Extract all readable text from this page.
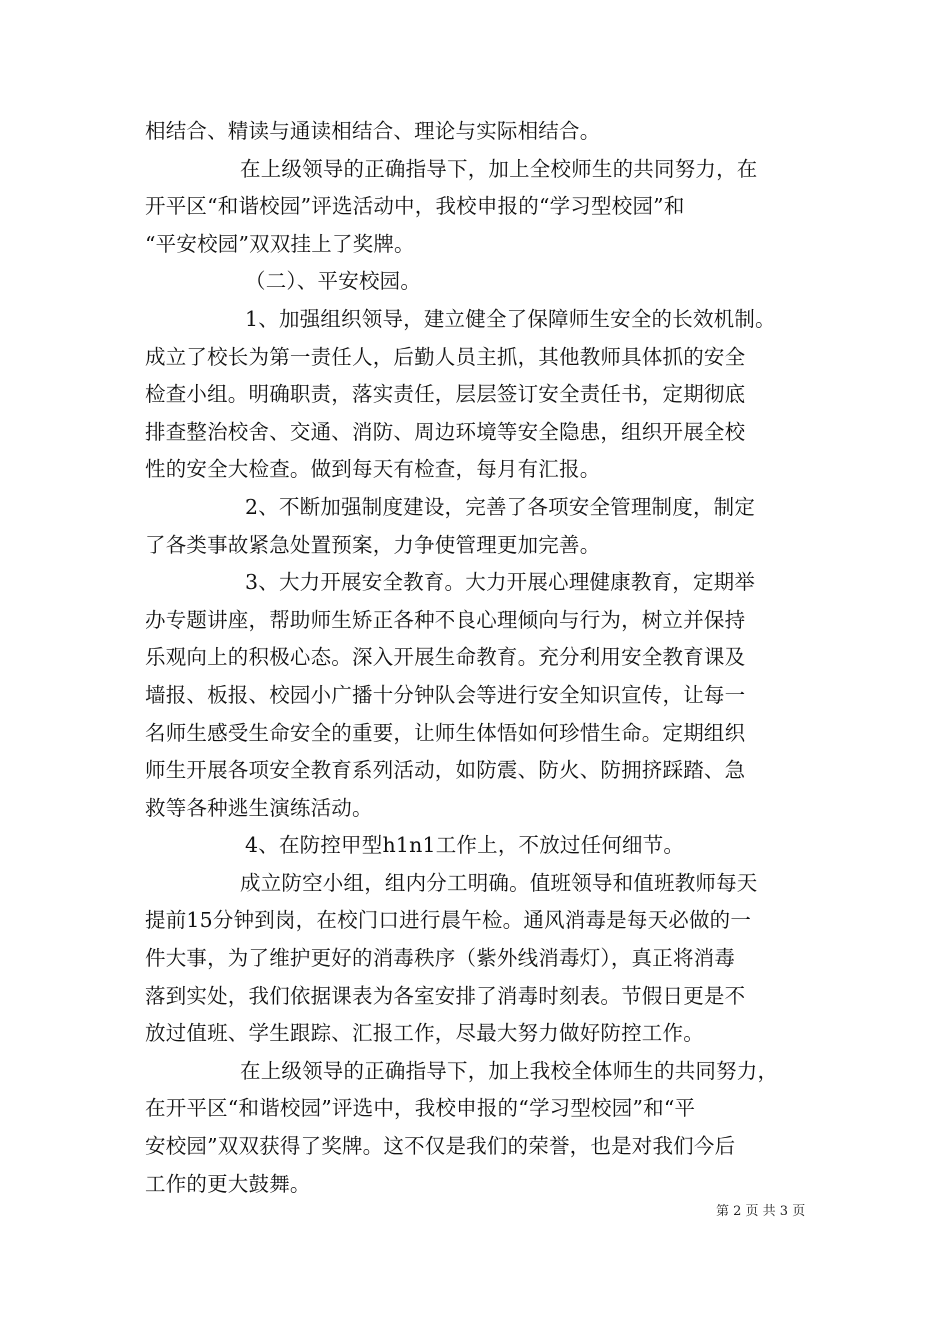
相结合、精读与通读相结合、理论与实际相结合。
在上级领导的正确指导下，加上全校师生的共同努力，在
开平区“和谐校园”评选活动中，我校申报的“学习型校园”和
“平安校园”双双挂上了奖牌。
（二）、平安校园。
1、加强组织领导，建立健全了保障师生安全的长效机制。
成立了校长为第一责任人，后勤人员主抓，其他教师具体抓的安全
检查小组。明确职责，落实责任，层层签订安全责任书，定期彻底
排查整治校舍、交通、消防、周边环境等安全隐患，组织开展全校
性的安全大检查。做到每天有检查，每月有汇报。
2、不断加强制度建设，完善了各项安全管理制度，制定
了各类事故紧急处置预案，力争使管理更加完善。
3、大力开展安全教育。大力开展心理健康教育，定期举
办专题讲座，帮助师生矫正各种不良心理倾向与行为，树立并保持
乐观向上的积极心态。深入开展生命教育。充分利用安全教育课及
墙报、板报、校园小广播十分钟队会等进行安全知识宣传，让每一
名师生感受生命安全的重要，让师生体悟如何珍惜生命。定期组织
师生开展各项安全教育系列活动，如防震、防火、防拥挤踩踏、急
救等各种逃生演练活动。
4、在防控甲型h1n1工作上，不放过任何细节。
成立防空小组，组内分工明确。值班领导和值班教师每天
提前15分钟到岗，在校门口进行晨午检。通风消毒是每天必做的一
件大事，为了维护更好的消毒秩序（紫外线消毒灯），真正将消毒
落到实处，我们依据课表为各室安排了消毒时刻表。节假日更是不
放过值班、学生跟踪、汇报工作，尽最大努力做好防控工作。
在上级领导的正确指导下，加上我校全体师生的共同努力，
在开平区“和谐校园”评选中，我校申报的“学习型校园”和“平
安校园”双双获得了奖牌。这不仅是我们的荣誉，也是对我们今后
工作的更大鼓舞。
第 2 页 共 3 页
